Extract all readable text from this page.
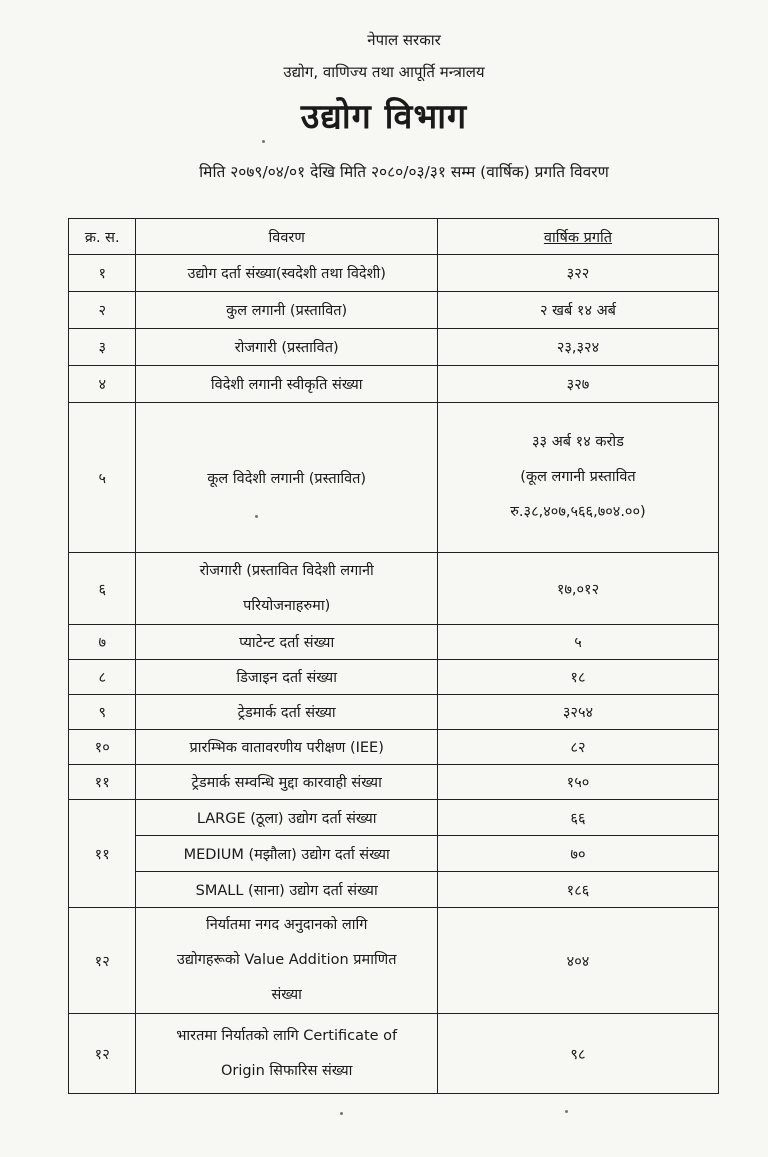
नेपाल सरकार
उद्योग, वाणिज्य तथा आपूर्ति मन्त्रालय
उद्योग विभाग
मिति २०७९/०४/०१ देखि मिति २०८०/०३/३१ सम्म (वार्षिक) प्रगति विवरण
क्र. स.	विवरण	वार्षिक प्रगति
१	उद्योग दर्ता संख्या(स्वदेशी तथा विदेशी)	३२२
२	कुल लगानी (प्रस्तावित)	२ खर्ब १४ अर्ब
३	रोजगारी (प्रस्तावित)	२३,३२४
४	विदेशी लगानी स्वीकृति संख्या	३२७
५	कूल विदेशी लगानी (प्रस्तावित)	३३ अर्ब १४ करोड
(कूल लगानी प्रस्तावित
रु.३८,४०७,५६६,७०४.००)

६	रोजगारी (प्रस्तावित विदेशी लगानी
परियोजनाहरुमा)	१७,०१२
७	प्याटेन्ट दर्ता संख्या	५
८	डिजाइन दर्ता संख्या	१८
९	ट्रेडमार्क दर्ता संख्या	३२५४
१०	प्रारम्भिक वातावरणीय परीक्षण (IEE)	८२
११	ट्रेडमार्क सम्वन्धि मुद्दा कारवाही संख्या	१५०
११	LARGE (ठूला) उद्योग दर्ता संख्या	६६
	MEDIUM (मझौला) उद्योग दर्ता संख्या	७०
	SMALL (साना) उद्योग दर्ता संख्या	१८६
१२	निर्यातमा नगद अनुदानको लागि
उद्योगहरूको Value Addition प्रमाणित
संख्या	४०४
१२	भारतमा निर्यातको लागि Certificate of
Origin सिफारिस संख्या	९८
